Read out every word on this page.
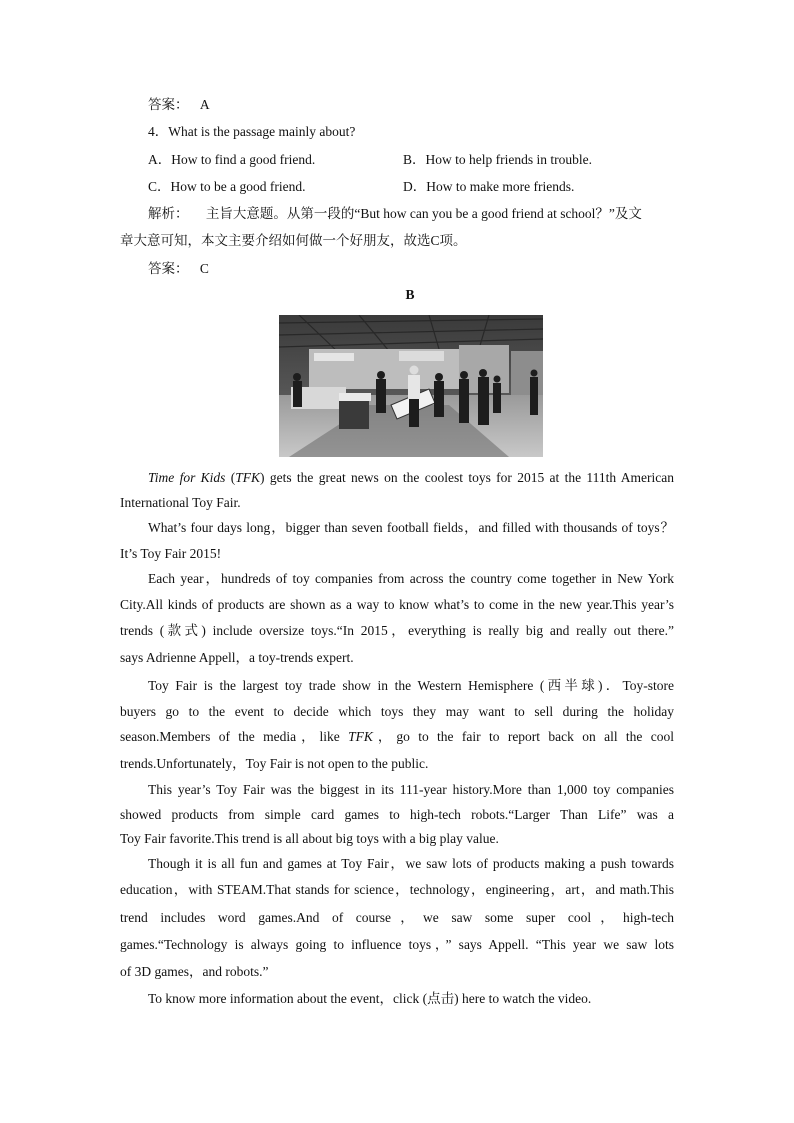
答案： A
4．What is the passage mainly about?
A．How to find a good friend.	B．How to help friends in trouble.
C．How to be a good friend.	D．How to make more friends.
解析： 主旨大意题。从第一段的“But how can you be a good friend at school？”及文
章大意可知，本文主要介绍如何做一个好朋友，故选C项。
答案： C
B
Time for Kids (TFK) gets the great news on the coolest toys for 2015 at the 111th American
International Toy Fair.
What’s four days long，bigger than seven football fields，and filled with thousands of toys？
It’s Toy Fair 2015!
Each year，hundreds of toy companies from across the country come together in New York
City.All kinds of products are shown as a way to know what’s to come in the new year.This year’s
trends (款式) include oversize toys.“In 2015，everything is really big and really out there.”
says Adrienne Appell，a toy-trends expert.
Toy Fair is the largest toy trade show in the Western Hemisphere (西半球)．Toy-store
buyers go to the event to decide which toys they may want to sell during the holiday
season.Members of the media，like TFK，go to the fair to report back on all the cool
trends.Unfortunately，Toy Fair is not open to the public.
This year’s Toy Fair was the biggest in its 111-year history.More than 1,000 toy companies
showed products from simple card games to high-tech robots.“Larger Than Life” was a
Toy Fair favorite.This trend is all about big toys with a big play value.
Though it is all fun and games at Toy Fair，we saw lots of products making a push towards
education，with STEAM.That stands for science，technology，engineering，art，and math.This
trend includes word games.And of course，we saw some super cool，high-tech
games.“Technology is always going to influence toys，” says Appell. “This year we saw lots
of 3D games，and robots.”
To know more information about the event，click (点击) here to watch the video.
